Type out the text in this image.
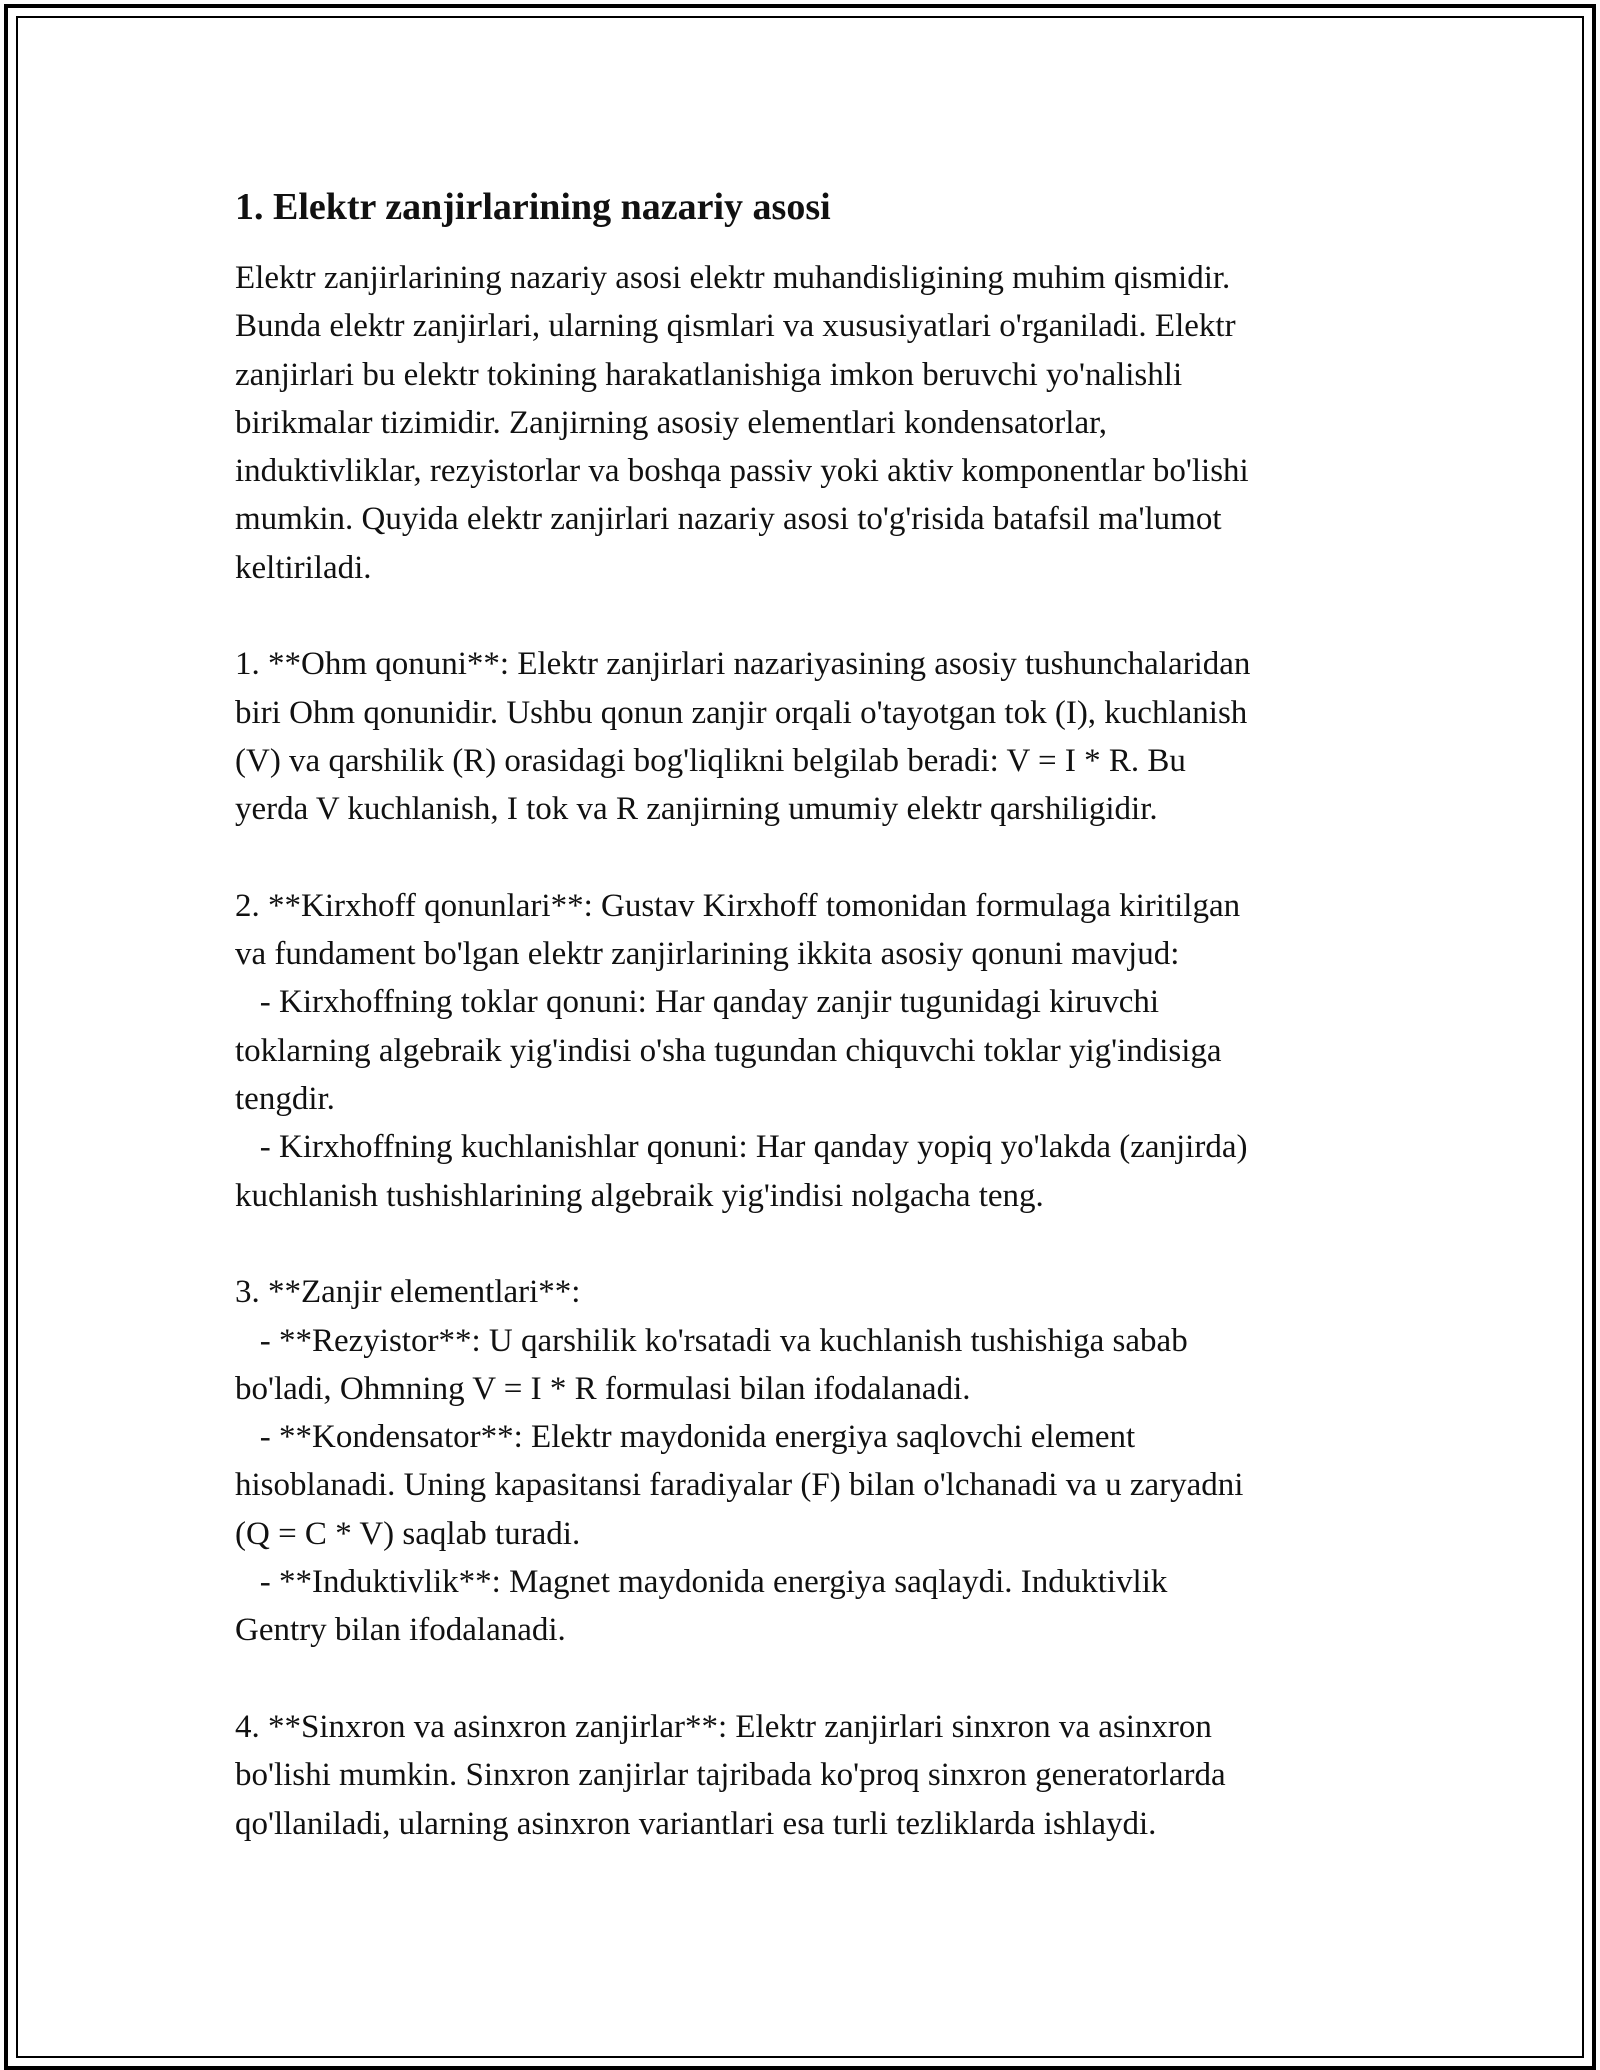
1. Elektr zanjirlarining nazariy asosi

Elektr zanjirlarining nazariy asosi elektr muhandisligining muhim qismidir.
Bunda elektr zanjirlari, ularning qismlari va xususiyatlari o'rganiladi. Elektr
zanjirlari bu elektr tokining harakatlanishiga imkon beruvchi yo'nalishli
birikmalar tizimidir. Zanjirning asosiy elementlari kondensatorlar,
induktivliklar, rezyistorlar va boshqa passiv yoki aktiv komponentlar bo'lishi
mumkin. Quyida elektr zanjirlari nazariy asosi to'g'risida batafsil ma'lumot
keltiriladi.

1. **Ohm qonuni**: Elektr zanjirlari nazariyasining asosiy tushunchalaridan
biri Ohm qonunidir. Ushbu qonun zanjir orqali o'tayotgan tok (I), kuchlanish
(V) va qarshilik (R) orasidagi bog'liqlikni belgilab beradi: V = I * R. Bu
yerda V kuchlanish, I tok va R zanjirning umumiy elektr qarshiligidir.

2. **Kirxhoff qonunlari**: Gustav Kirxhoff tomonidan formulaga kiritilgan
va fundament bo'lgan elektr zanjirlarining ikkita asosiy qonuni mavjud:
- Kirxhoffning toklar qonuni: Har qanday zanjir tugunidagi kiruvchi
toklarning algebraik yig'indisi o'sha tugundan chiquvchi toklar yig'indisiga
tengdir.
- Kirxhoffning kuchlanishlar qonuni: Har qanday yopiq yo'lakda (zanjirda)
kuchlanish tushishlarining algebraik yig'indisi nolgacha teng.

3. **Zanjir elementlari**:
- **Rezyistor**: U qarshilik ko'rsatadi va kuchlanish tushishiga sabab
bo'ladi, Ohmning V = I * R formulasi bilan ifodalanadi.
- **Kondensator**: Elektr maydonida energiya saqlovchi element
hisoblanadi. Uning kapasitansi faradiyalar (F) bilan o'lchanadi va u zaryadni
(Q = C * V) saqlab turadi.
- **Induktivlik**: Magnet maydonida energiya saqlaydi. Induktivlik
Gentry bilan ifodalanadi.

4. **Sinxron va asinxron zanjirlar**: Elektr zanjirlari sinxron va asinxron
bo'lishi mumkin. Sinxron zanjirlar tajribada ko'proq sinxron generatorlarda
qo'llaniladi, ularning asinxron variantlari esa turli tezliklarda ishlaydi.
